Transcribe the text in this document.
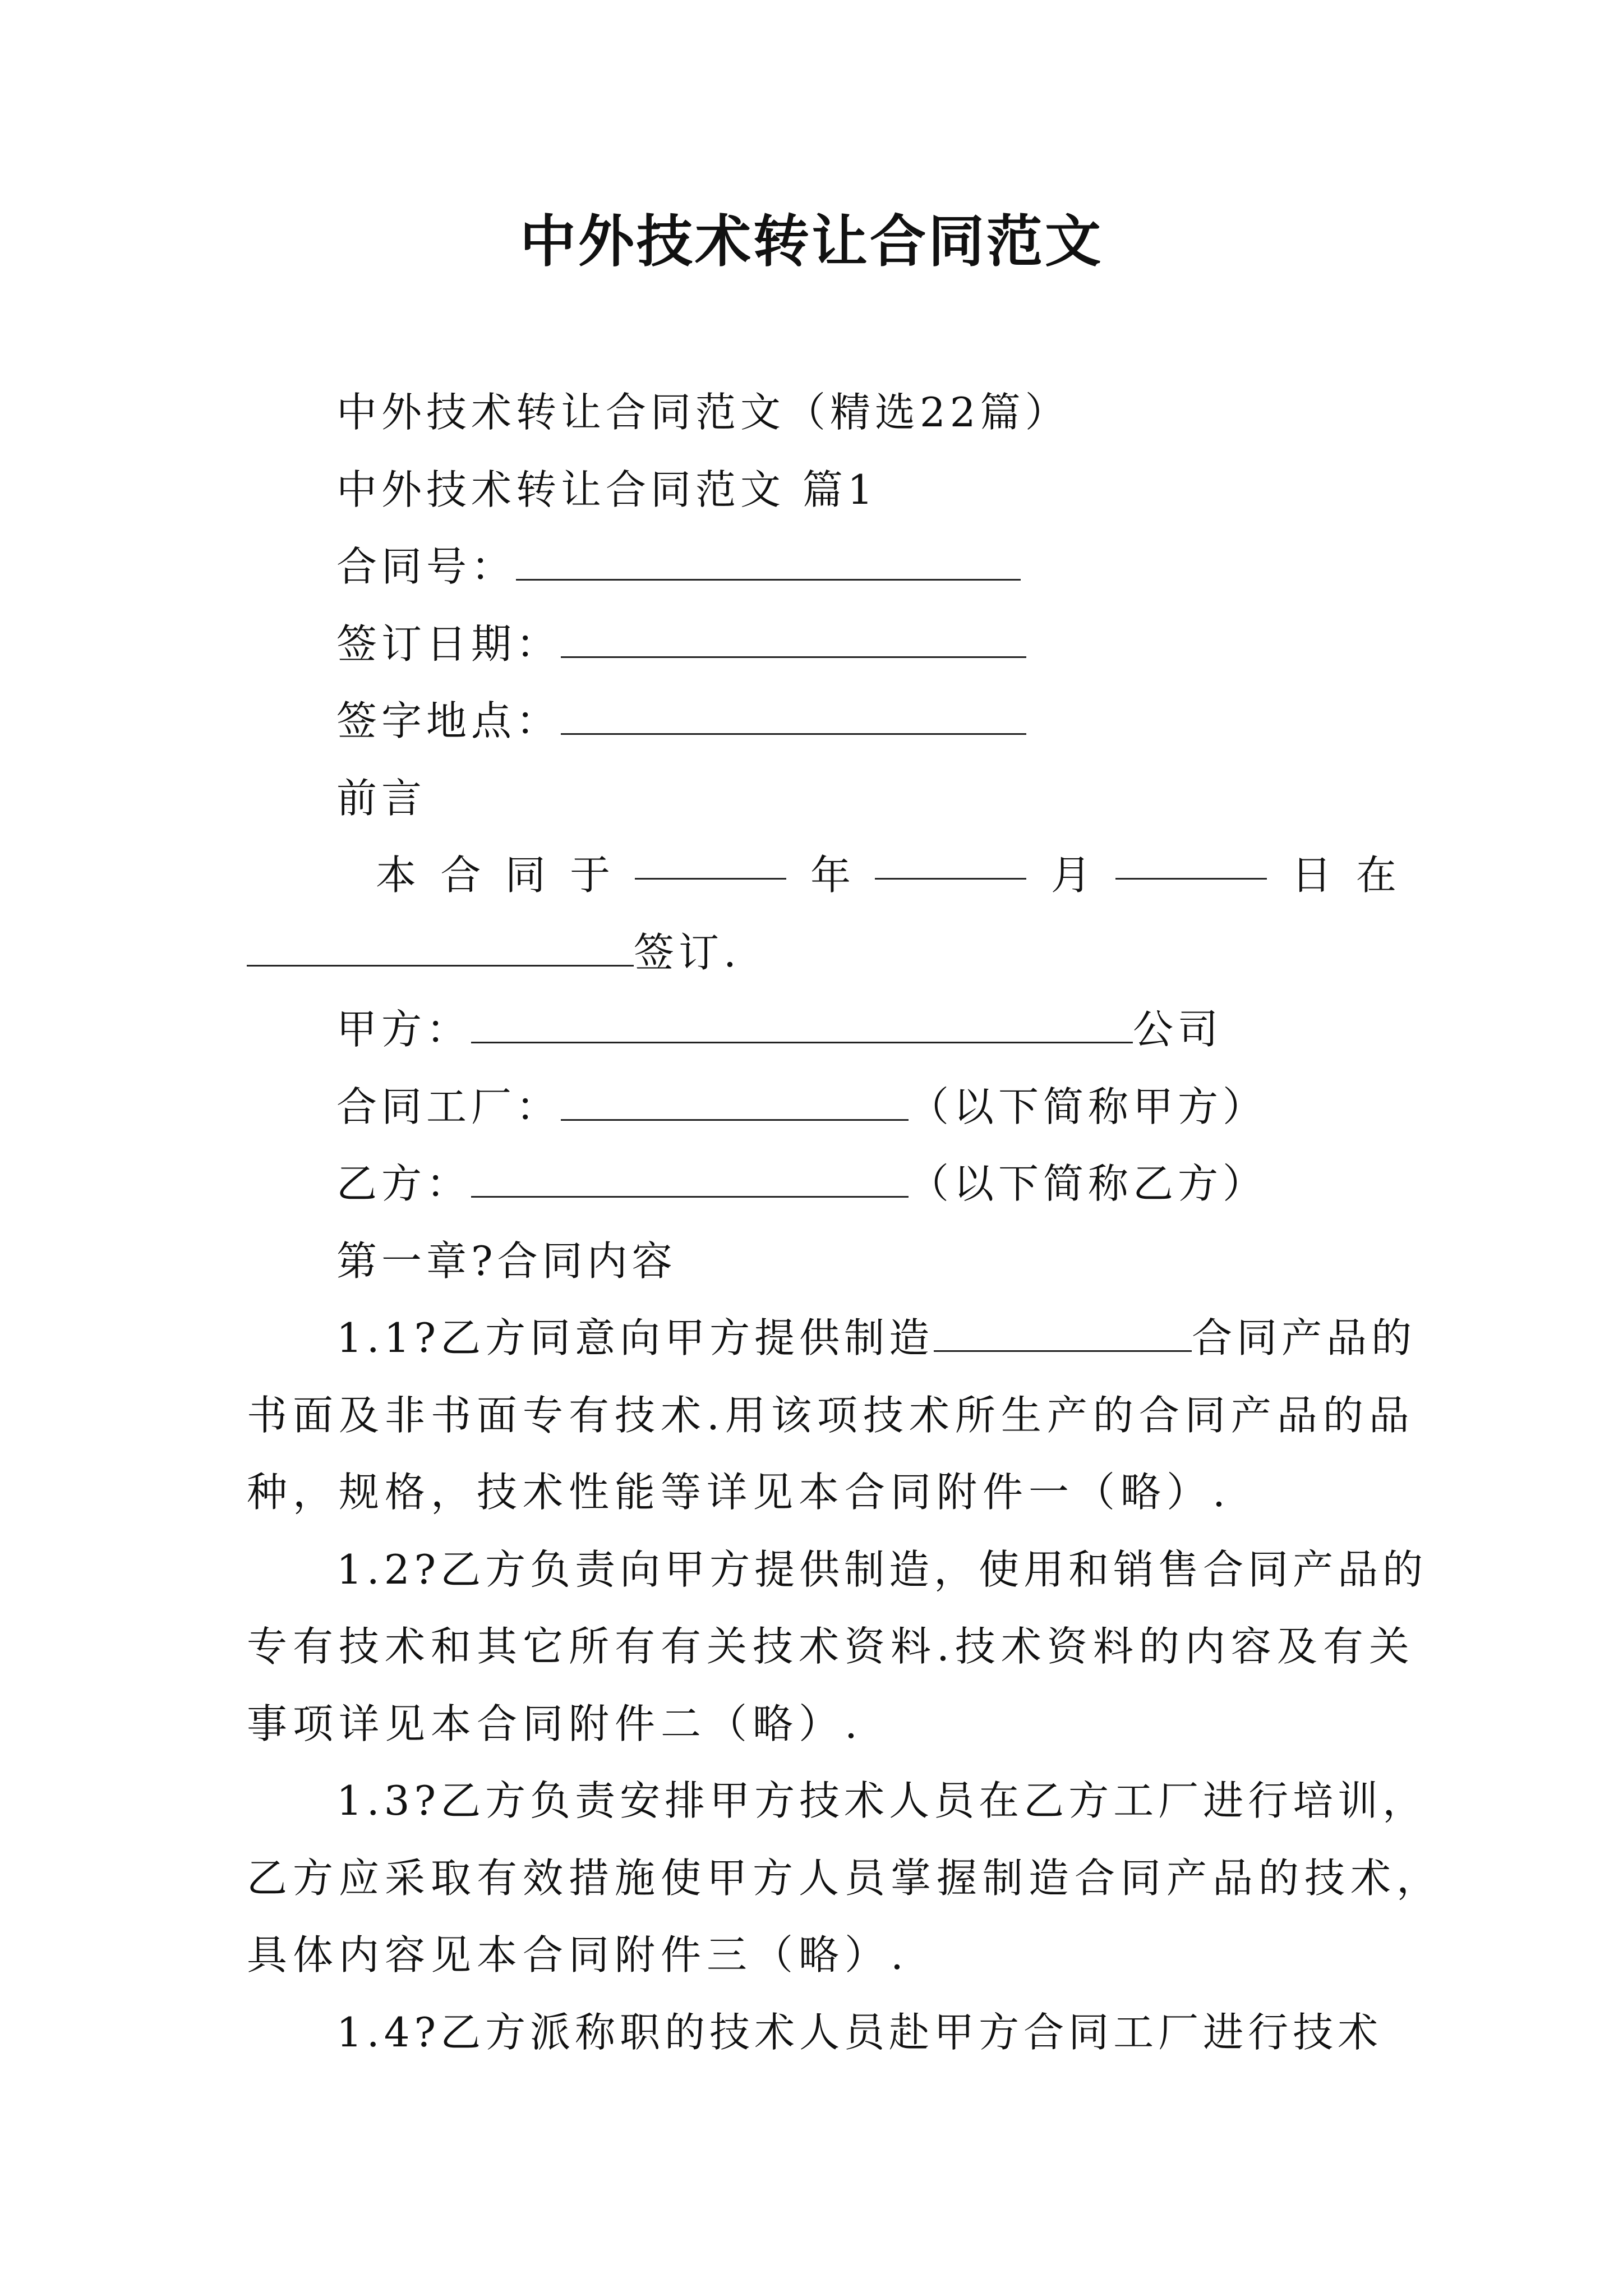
中外技术转让合同范文
中外技术转让合同范文（精选22篇）
中外技术转让合同范文 篇1
合同号：
签订日期：
签字地点：
前言
本 合 同 于	年	月	日 在
签订.
甲方：	公司
合同工厂：	（以下简称甲方）
乙方：	（以下简称乙方）
第一章?合同内容
1.1?乙方同意向甲方提供制造	合同产品的
书面及非书面专有技术.用该项技术所生产的合同产品的品
种，规格，技术性能等详见本合同附件一（略）.
1.2?乙方负责向甲方提供制造，使用和销售合同产品的
专有技术和其它所有有关技术资料.技术资料的内容及有关
事项详见本合同附件二（略）.
1.3?乙方负责安排甲方技术人员在乙方工厂进行培训，
乙方应采取有效措施使甲方人员掌握制造合同产品的技术，
具体内容见本合同附件三（略）.
1.4?乙方派称职的技术人员赴甲方合同工厂进行技术
